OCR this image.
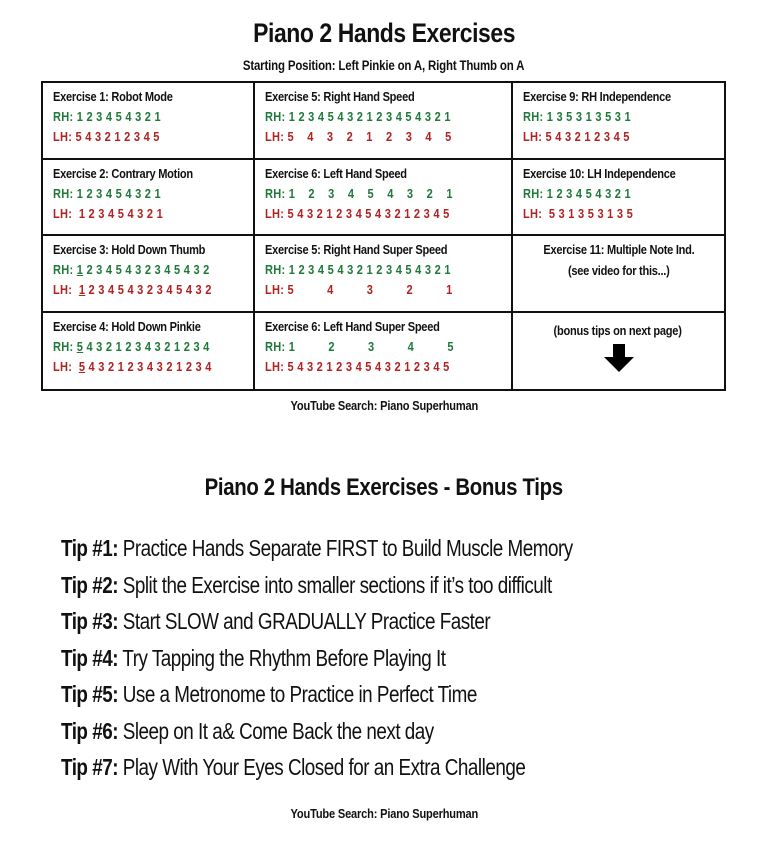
Piano 2 Hands Exercises
Starting Position: Left Pinkie on A, Right Thumb on A
Exercise 1: Robot Mode
RH: 1 2 3 4 5 4 3 2 1
LH: 5 4 3 2 1 2 3 4 5
Exercise 5: Right Hand Speed
RH: 1 2 3 4 5 4 3 2 1 2 3 4 5 4 3 2 1
LH: 5    4    3    2    1    2    3    4    5
Exercise 9: RH Independence
RH: 1 3 5 3 1 3 5 3 1
LH: 5 4 3 2 1 2 3 4 5
Exercise 2: Contrary Motion
RH: 1 2 3 4 5 4 3 2 1
LH:  1 2 3 4 5 4 3 2 1
Exercise 6: Left Hand Speed
RH: 1    2    3    4    5    4    3    2    1
LH: 5 4 3 2 1 2 3 4 5 4 3 2 1 2 3 4 5
Exercise 10: LH Independence
RH: 1 2 3 4 5 4 3 2 1
LH:  5 3 1 3 5 3 1 3 5
Exercise 3: Hold Down Thumb
RH: 1 2 3 4 5 4 3 2 3 4 5 4 3 2
LH:  1 2 3 4 5 4 3 2 3 4 5 4 3 2
Exercise 5: Right Hand Super Speed
RH: 1 2 3 4 5 4 3 2 1 2 3 4 5 4 3 2 1
LH: 5          4          3          2          1
Exercise 11: Multiple Note Ind.
(see video for this...)
Exercise 4: Hold Down Pinkie
RH: 5 4 3 2 1 2 3 4 3 2 1 2 3 4
LH:  5 4 3 2 1 2 3 4 3 2 1 2 3 4
Exercise 6: Left Hand Super Speed
RH: 1          2          3          4          5
LH: 5 4 3 2 1 2 3 4 5 4 3 2 1 2 3 4 5
(bonus tips on next page)
YouTube Search: Piano Superhuman
Piano 2 Hands Exercises - Bonus Tips
Tip #1: Practice Hands Separate FIRST to Build Muscle Memory
Tip #2: Split the Exercise into smaller sections if it’s too difficult
Tip #3: Start SLOW and GRADUALLY Practice Faster
Tip #4: Try Tapping the Rhythm Before Playing It
Tip #5: Use a Metronome to Practice in Perfect Time
Tip #6: Sleep on It a& Come Back the next day
Tip #7: Play With Your Eyes Closed for an Extra Challenge
YouTube Search: Piano Superhuman
